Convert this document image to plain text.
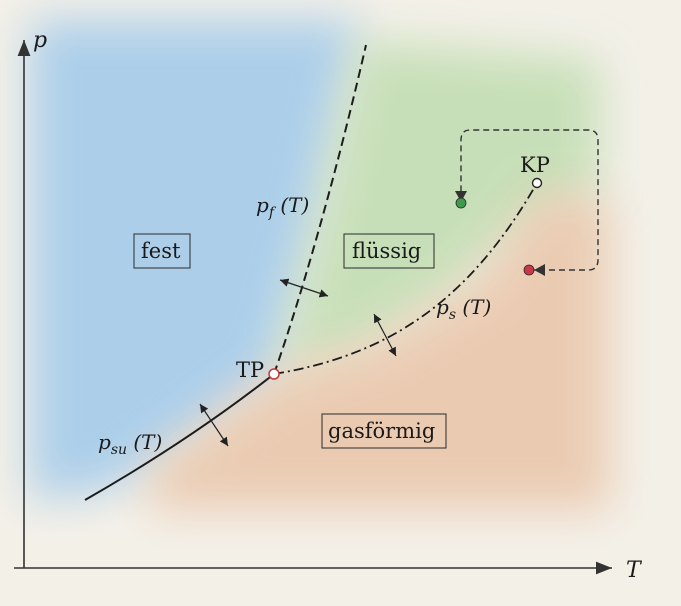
p
T
TP
KP
fest	flüssig
gasförmig
$p_f$ (T)
$p_s$ (T)
$p_{su}$ (T)
